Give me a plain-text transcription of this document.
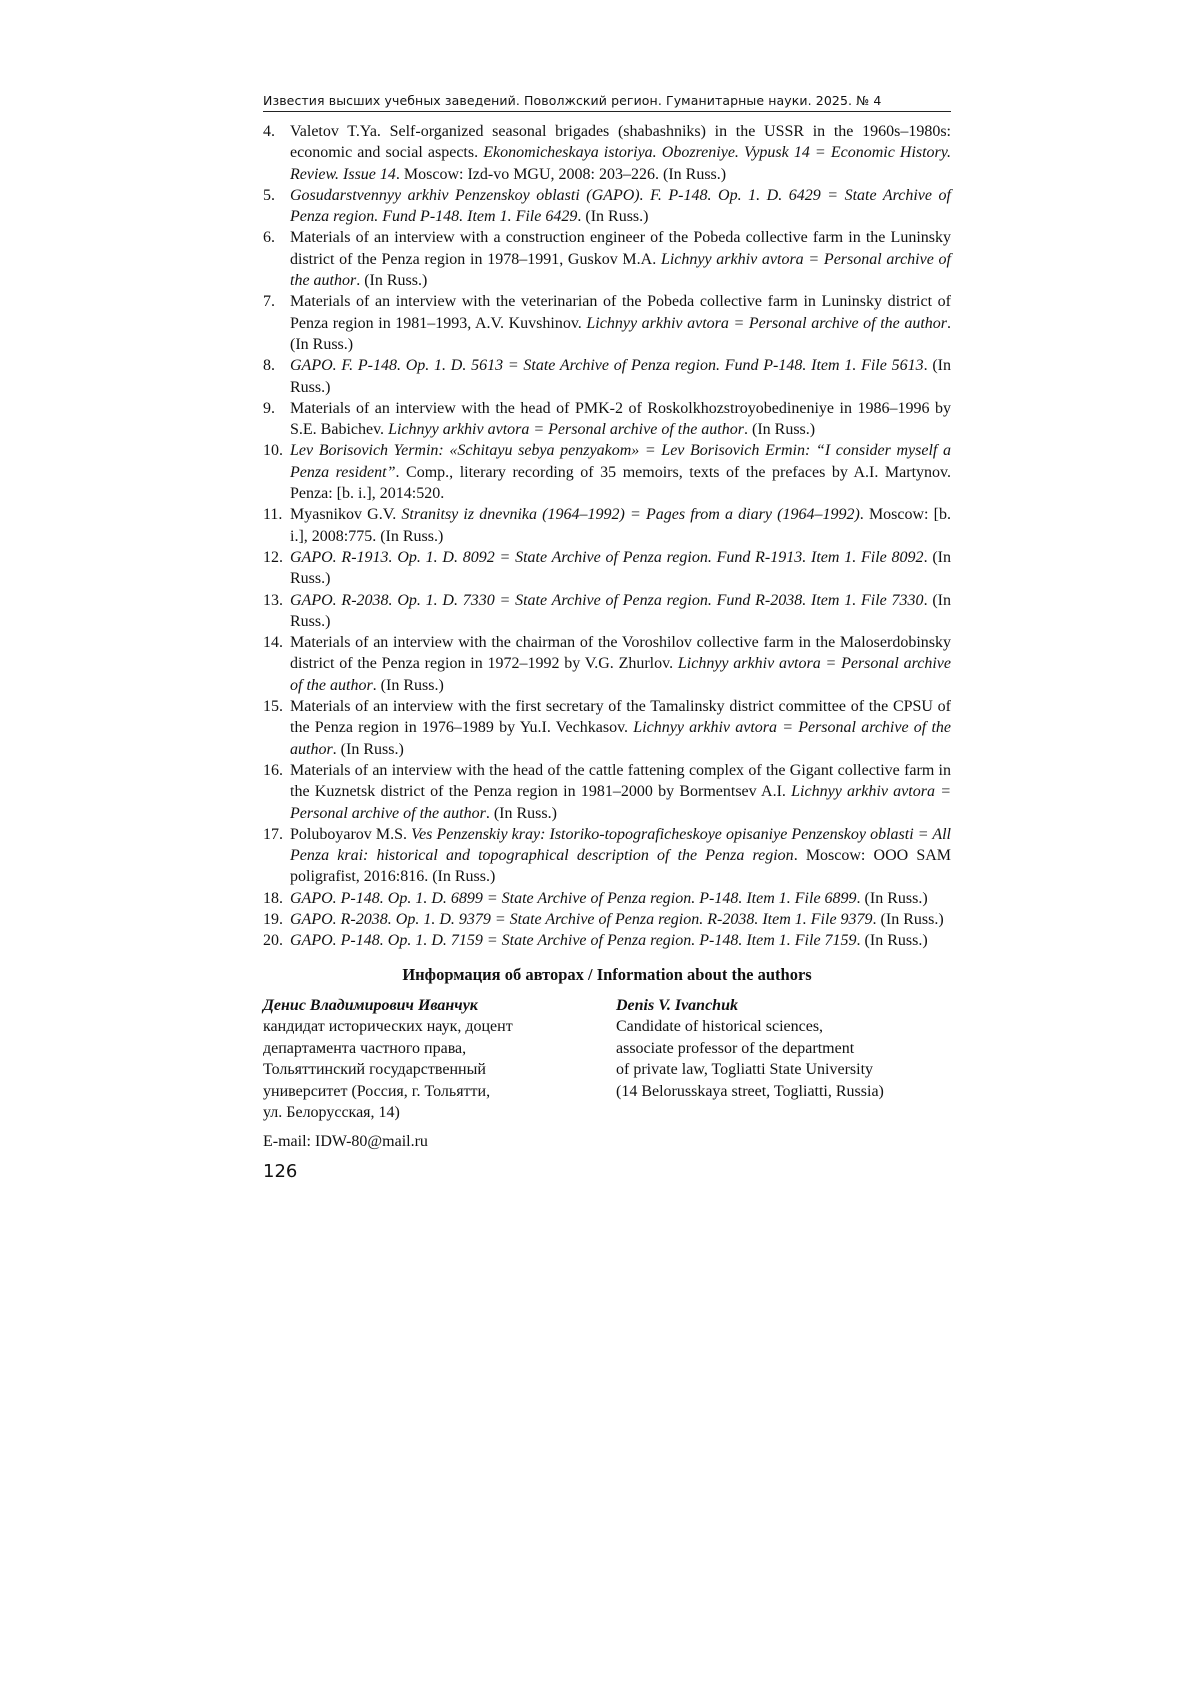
Известия высших учебных заведений. Поволжский регион. Гуманитарные науки. 2025. № 4
4. Valetov T.Ya. Self-organized seasonal brigades (shabashniks) in the USSR in the 1960s–1980s: economic and social aspects. Ekonomicheskaya istoriya. Obozreniye. Vypusk 14 = Economic History. Review. Issue 14. Moscow: Izd-vo MGU, 2008: 203–226. (In Russ.)
5. Gosudarstvennyy arkhiv Penzenskoy oblasti (GAPO). F. P-148. Op. 1. D. 6429 = State Archive of Penza region. Fund P-148. Item 1. File 6429. (In Russ.)
6. Materials of an interview with a construction engineer of the Pobeda collective farm in the Luninsky district of the Penza region in 1978–1991, Guskov M.A. Lichnyy arkhiv avtora = Personal archive of the author. (In Russ.)
7. Materials of an interview with the veterinarian of the Pobeda collective farm in Luninsky district of Penza region in 1981–1993, A.V. Kuvshinov. Lichnyy arkhiv avtora = Personal archive of the author. (In Russ.)
8. GAPO. F. P-148. Op. 1. D. 5613 = State Archive of Penza region. Fund P-148. Item 1. File 5613. (In Russ.)
9. Materials of an interview with the head of PMK-2 of Roskolkhozstroyobedineniye in 1986–1996 by S.E. Babichev. Lichnyy arkhiv avtora = Personal archive of the author. (In Russ.)
10. Lev Borisovich Yermin: «Schitayu sebya penzyakom» = Lev Borisovich Ermin: “I consider myself a Penza resident”. Comp., literary recording of 35 memoirs, texts of the prefaces by A.I. Martynov. Penza: [b. i.], 2014:520.
11. Myasnikov G.V. Stranitsy iz dnevnika (1964–1992) = Pages from a diary (1964–1992). Moscow: [b. i.], 2008:775. (In Russ.)
12. GAPO. R-1913. Op. 1. D. 8092 = State Archive of Penza region. Fund R-1913. Item 1. File 8092. (In Russ.)
13. GAPO. R-2038. Op. 1. D. 7330 = State Archive of Penza region. Fund R-2038. Item 1. File 7330. (In Russ.)
14. Materials of an interview with the chairman of the Voroshilov collective farm in the Maloserdobinsky district of the Penza region in 1972–1992 by V.G. Zhurlov. Lichnyy arkhiv avtora = Personal archive of the author. (In Russ.)
15. Materials of an interview with the first secretary of the Tamalinsky district committee of the CPSU of the Penza region in 1976–1989 by Yu.I. Vechkasov. Lichnyy arkhiv avtora = Personal archive of the author. (In Russ.)
16. Materials of an interview with the head of the cattle fattening complex of the Gigant collective farm in the Kuznetsk district of the Penza region in 1981–2000 by Bormentsev A.I. Lichnyy arkhiv avtora = Personal archive of the author. (In Russ.)
17. Poluboyarov M.S. Ves Penzenskiy kray: Istoriko-topograficheskoye opisaniye Penzenskoy oblasti = All Penza krai: historical and topographical description of the Penza region. Moscow: OOO SAM poligrafist, 2016:816. (In Russ.)
18. GAPO. P-148. Op. 1. D. 6899 = State Archive of Penza region. P-148. Item 1. File 6899. (In Russ.)
19. GAPO. R-2038. Op. 1. D. 9379 = State Archive of Penza region. R-2038. Item 1. File 9379. (In Russ.)
20. GAPO. P-148. Op. 1. D. 7159 = State Archive of Penza region. P-148. Item 1. File 7159. (In Russ.)
Информация об авторах / Information about the authors
Денис Владимирович Иванчук
кандидат исторических наук, доцент
департамента частного права,
Тольяттинский государственный
университет (Россия, г. Тольятти,
ул. Белорусская, 14)
Denis V. Ivanchuk
Candidate of historical sciences,
associate professor of the department
of private law, Togliatti State University
(14 Belorusskaya street, Togliatti, Russia)
E-mail: IDW-80@mail.ru
126
